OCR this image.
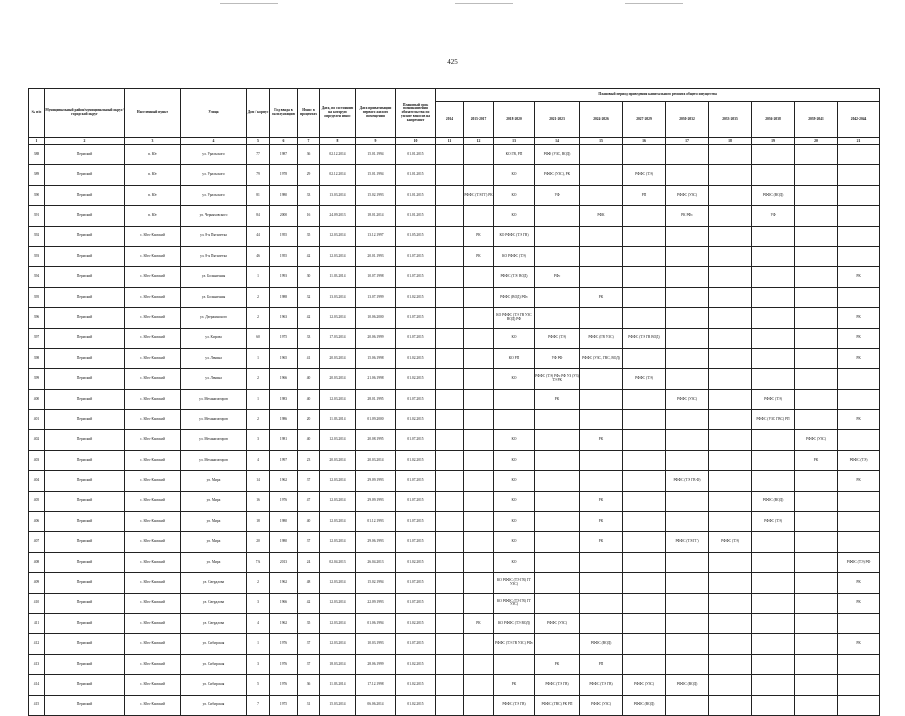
425
№ п/п	Муниципальный район/муниципальный округ/городской округ	Населенный пункт	Улица	Дом / корпус	Год ввода в эксплуатацию	Износ в процентах	Дата, по состоянию на которую определен износ	Дата приватизации первого жилого помещения	Плановый срок возникновения обязательства по уплате взносов на капремонт	Плановый период проведения капитального ремонта общего имущества										
										2014	2015-2017	2018-2020	2021-2023	2024-2026	2027-2029	2030-2032	2033-2035	2036-2038	2039-2041	2042-2044
1	2	3	4	5	6	7	8	9	10	11	12	13	14	15	16	17	18	19	20	21
388	Пермский	п. Юг	ул. Уральского	77	1987	36	02.12.2014	15.01.1994	01.01.2015			КО ГВ, РП	РФФ (УЗС, ВОД)							
389	Пермский	п. Юг	ул. Уральского	79	1978	29	02.12.2014	15.01.1994	01.01.2015			КО	РФФС (УЗС), РК		РФФС (ТЭ)					
390	Пермский	п. Юг	ул. Уральского	81	1980	33	13.03.2014	15.02.1993	01.01.2015		РФФС (ТЭ/ГГ) РК	КО	УФ		РП	РФФС (УЗС)		РФФС (ВОД)		
391	Пермский	п. Юг	ул. Черняховского	84	2000	16	24.09.2013	18.01.2014	01.01.2015			КО		РФК		РК РФс		УФ		
392	Пермский	с. Юго-Камский	ул. 8-я Пятилетка	44	1955	35	12.03.2014	13.12.1997	01.05.2015		РК	КО РФФС (ТЭ ГВ)								
393	Пермский	с. Юго-Камский	ул. 8-я Пятилетка	46	1955	42	12.03.2014	20.01.1993	01.07.2015		РК	КО РФФС (ТЭ)								
394	Пермский	с. Юго-Камский	ул. Больничная	1	1993	30	11.03.2014	10.07.1998	01.07.2015			РФФС (ТЭ/ ВОД)	РФс							РК
395	Пермский	с. Юго-Камский	ул. Больничная	2	1988	32	13.03.2014	13.07.1999	01.02.2015			РФФС (ВОД) РФс		РК						
396	Пермский	с. Юго-Камский	ул. Дзержинского	2	1963	42	12.03.2014	10.06.2000	01.07.2015			КО РФФС (ТЭ ГВ УЗС ВОД) РФ								РК
397	Пермский	с. Юго-Камский	ул. Кирова	60	1975	33	17.03.2014	20.06.1999	01.07.2015			КО	РФФС (ТЭ)	РФФС (ГВ УЗС)	РФФС (ТЭ ГВ ВОД)					РК
398	Пермский	с. Юго-Камский	ул. Ленина	1	1965	41	20.03.2014	15.06.1998	01.02.2015			КО РП	УФ РФ	РФФС (УЗС, ГВС, ВОД)						РК
399	Пермский	с. Юго-Камский	ул. Ленина	2	1966	40	20.03.2014	21.06.1998	01.02.2015			КО	РФФС (ТЭ) РФс РФ УЗ (УЗ) ТЭ РК		РФФС (ТЭ)					
400	Пермский	с. Юго-Камский	ул. Механизаторов	1	1983	40	12.03.2014	28.01.1995	01.07.2015				РК			РФФС (УЗС)		РФФС (ТЭ)		
401	Пермский	с. Юго-Камский	ул. Механизаторов	2	1986	20	11.03.2014	01.09.2000	01.02.2015									РФФС (УЗС ГВС) РП		РК
402	Пермский	с. Юго-Камский	ул. Механизаторов	3	1981	40	12.03.2014	20.08.1995	01.07.2015			КО		РК					РФФС (УЗС)	
403	Пермский	с. Юго-Камский	ул. Механизаторов	4	1997	23	20.03.2014	20.03.2014	01.02.2015			КО							РК	РФФС (ТЭ)
404	Пермский	с. Юго-Камский	ул. Мира	14	1962	37	12.03.2014	29.09.1993	01.07.2015			КО				РФФС (ТЭ ГВ Ф)				РК
405	Пермский	с. Юго-Камский	ул. Мира	16	1976	47	12.03.2014	29.09.1993	01.07.2015			КО		РК				РФФС (ВОД)		
406	Пермский	с. Юго-Камский	ул. Мира	18	1980	40	12.03.2014	01.12.1993	01.07.2015			КО		РК				РФФС (ТЭ)		
407	Пермский	с. Юго-Камский	ул. Мира	20	1980	37	12.03.2014	29.06.1993	01.07.2015			КО		РК		РФФС (ТЭ/ГГ)	РФФС (ТЭ)			
408	Пермский	с. Юго-Камский	ул. Мира	7А	2013	24	02.04.2013	26.04.2013	01.02.2015			КО								РФФС (ТЭ) РФ
409	Пермский	с. Юго-Камский	ул. Свердлова	2	1962	48	12.03.2014	15.02.1994	01.07.2015			КО РФФС (ТЭ ГВ) ГГ УЗС)								РК
410	Пермский	с. Юго-Камский	ул. Свердлова	3	1966	42	12.03.2014	22.09.1993	01.07.2015			КО РФФС (ТЭ ГВ) ГГ УЗС)								РК
411	Пермский	с. Юго-Камский	ул. Свердлова	4	1962	35	12.03.2014	01.06.1994	01.02.2015		РК	КО РФФС (ТЭ ВОД)	РФФС (УЗС)							
412	Пермский	с. Юго-Камский	ул. Сибирская	1	1976	37	12.03.2014	10.03.1993	01.07.2015			РФФС (ТЭ ГВ УЗС) РФс		РФФС (ВОД)						РК
413	Пермский	с. Юго-Камский	ул. Сибирская	3	1976	37	18.03.2014	28.06.1999	01.02.2015				РК	РП						
414	Пермский	с. Юго-Камский	ул. Сибирская	5	1976	36	11.03.2014	17.12.1998	01.02.2015			РК	РФФС (ТЭ ГВ)	РФФС (ТЭ ГВ)	РФФС (УЗС)	РФФС (ВОД)				
415	Пермский	с. Юго-Камский	ул. Сибирская	7	1975	31	15.03.2014	06.06.2014	01.02.2015			РФФС (ТЭ ГВ)	РФФС (ГВС) РК РП	РФФС (УЗС)	РФФС (ВОД)					
